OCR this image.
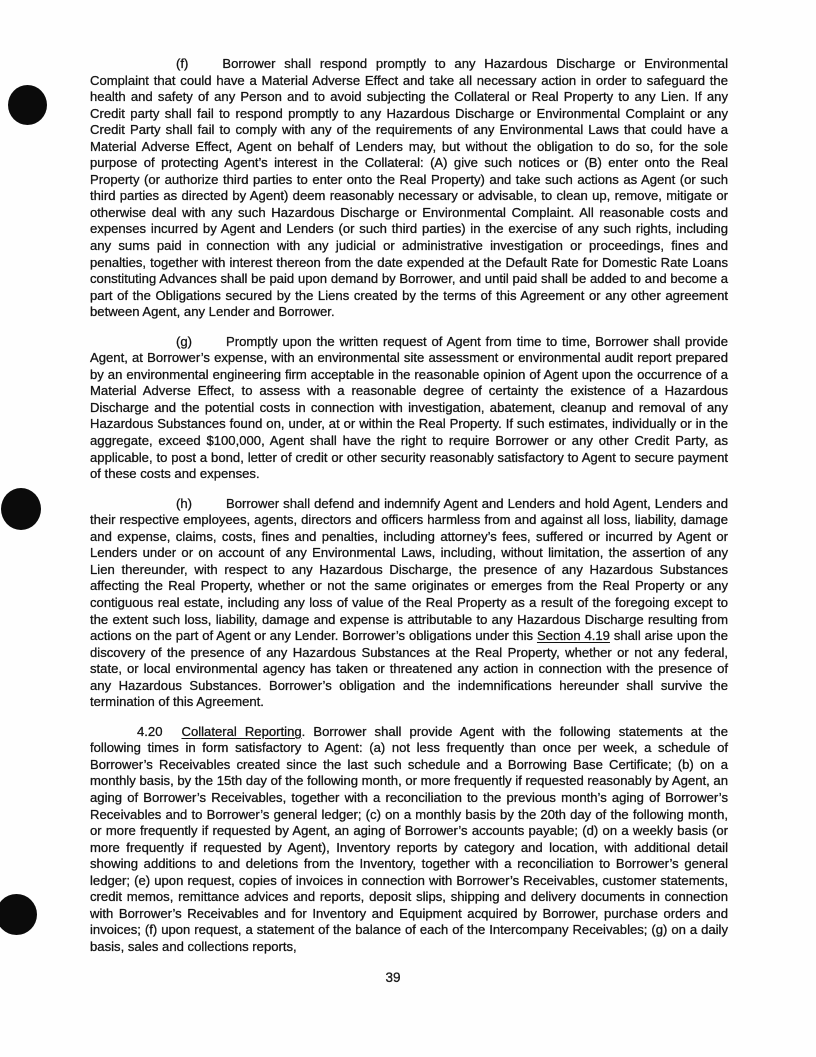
(f)	Borrower shall respond promptly to any Hazardous Discharge or Environmental Complaint that could have a Material Adverse Effect and take all necessary action in order to safeguard the health and safety of any Person and to avoid subjecting the Collateral or Real Property to any Lien. If any Credit party shall fail to respond promptly to any Hazardous Discharge or Environmental Complaint or any Credit Party shall fail to comply with any of the requirements of any Environmental Laws that could have a Material Adverse Effect, Agent on behalf of Lenders may, but without the obligation to do so, for the sole purpose of protecting Agent’s interest in the Collateral: (A) give such notices or (B) enter onto the Real Property (or authorize third parties to enter onto the Real Property) and take such actions as Agent (or such third parties as directed by Agent) deem reasonably necessary or advisable, to clean up, remove, mitigate or otherwise deal with any such Hazardous Discharge or Environmental Complaint. All reasonable costs and expenses incurred by Agent and Lenders (or such third parties) in the exercise of any such rights, including any sums paid in connection with any judicial or administrative investigation or proceedings, fines and penalties, together with interest thereon from the date expended at the Default Rate for Domestic Rate Loans constituting Advances shall be paid upon demand by Borrower, and until paid shall be added to and become a part of the Obligations secured by the Liens created by the terms of this Agreement or any other agreement between Agent, any Lender and Borrower.

(g)	Promptly upon the written request of Agent from time to time, Borrower shall provide Agent, at Borrower’s expense, with an environmental site assessment or environmental audit report prepared by an environmental engineering firm acceptable in the reasonable opinion of Agent upon the occurrence of a Material Adverse Effect, to assess with a reasonable degree of certainty the existence of a Hazardous Discharge and the potential costs in connection with investigation, abatement, cleanup and removal of any Hazardous Substances found on, under, at or within the Real Property. If such estimates, individually or in the aggregate, exceed $100,000, Agent shall have the right to require Borrower or any other Credit Party, as applicable, to post a bond, letter of credit or other security reasonably satisfactory to Agent to secure payment of these costs and expenses.

(h)	Borrower shall defend and indemnify Agent and Lenders and hold Agent, Lenders and their respective employees, agents, directors and officers harmless from and against all loss, liability, damage and expense, claims, costs, fines and penalties, including attorney’s fees, suffered or incurred by Agent or Lenders under or on account of any Environmental Laws, including, without limitation, the assertion of any Lien thereunder, with respect to any Hazardous Discharge, the presence of any Hazardous Substances affecting the Real Property, whether or not the same originates or emerges from the Real Property or any contiguous real estate, including any loss of value of the Real Property as a result of the foregoing except to the extent such loss, liability, damage and expense is attributable to any Hazardous Discharge resulting from actions on the part of Agent or any Lender. Borrower’s obligations under this Section 4.19 shall arise upon the discovery of the presence of any Hazardous Substances at the Real Property, whether or not any federal, state, or local environmental agency has taken or threatened any action in connection with the presence of any Hazardous Substances. Borrower’s obligation and the indemnifications hereunder shall survive the termination of this Agreement.

4.20 Collateral Reporting. Borrower shall provide Agent with the following statements at the following times in form satisfactory to Agent: (a) not less frequently than once per week, a schedule of Borrower’s Receivables created since the last such schedule and a Borrowing Base Certificate; (b) on a monthly basis, by the 15th day of the following month, or more frequently if requested reasonably by Agent, an aging of Borrower’s Receivables, together with a reconciliation to the previous month’s aging of Borrower’s Receivables and to Borrower’s general ledger; (c) on a monthly basis by the 20th day of the following month, or more frequently if requested by Agent, an aging of Borrower’s accounts payable; (d) on a weekly basis (or more frequently if requested by Agent), Inventory reports by category and location, with additional detail showing additions to and deletions from the Inventory, together with a reconciliation to Borrower’s general ledger; (e) upon request, copies of invoices in connection with Borrower’s Receivables, customer statements, credit memos, remittance advices and reports, deposit slips, shipping and delivery documents in connection with Borrower’s Receivables and for Inventory and Equipment acquired by Borrower, purchase orders and invoices; (f) upon request, a statement of the balance of each of the Intercompany Receivables; (g) on a daily basis, sales and collections reports,

39
